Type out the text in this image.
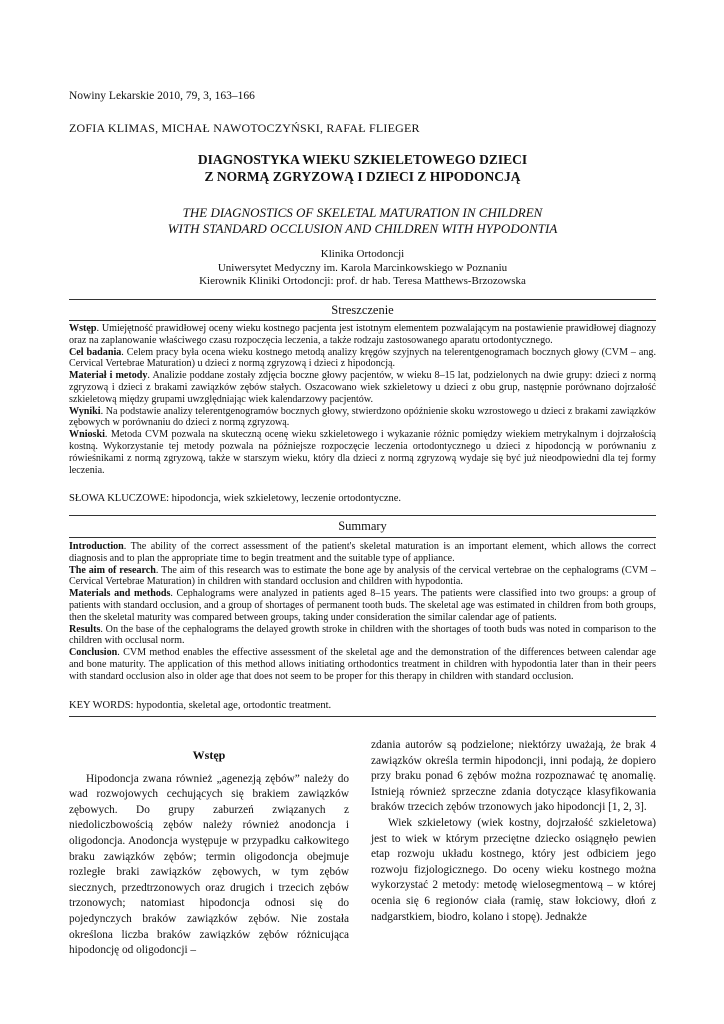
Nowiny Lekarskie 2010, 79, 3, 163–166
ZOFIA KLIMAS, MICHAŁ NAWOTOCZYŃSKI, RAFAŁ FLIEGER
DIAGNOSTYKA WIEKU SZKIELETOWEGO DZIECI
Z NORMĄ ZGRYZOWĄ I DZIECI Z HIPODONCJĄ
THE DIAGNOSTICS OF SKELETAL MATURATION IN CHILDREN
WITH STANDARD OCCLUSION AND CHILDREN WITH HYPODONTIA
Klinika Ortodoncji
Uniwersytet Medyczny im. Karola Marcinkowskiego w Poznaniu
Kierownik Kliniki Ortodoncji: prof. dr hab. Teresa Matthews-Brzozowska
Streszczenie

Wstęp. Umiejętność prawidłowej oceny wieku kostnego pacjenta jest istotnym elementem pozwalającym na postawienie prawidłowej diagnozy oraz na zaplanowanie właściwego czasu rozpoczęcia leczenia, a także rodzaju zastosowanego aparatu ortodontycznego.

Cel badania. Celem pracy była ocena wieku kostnego metodą analizy kręgów szyjnych na telerentgenogramach bocznych głowy (CVM – ang. Cervical Vertebrae Maturation) u dzieci z normą zgryzową i dzieci z hipodoncją.

Materiał i metody. Analizie poddane zostały zdjęcia boczne głowy pacjentów, w wieku 8–15 lat, podzielonych na dwie grupy: dzieci z normą zgryzową i dzieci z brakami zawiązków zębów stałych. Oszacowano wiek szkieletowy u dzieci z obu grup, następnie porównano dojrzałość szkieletową między grupami uwzględniając wiek kalendarzowy pacjentów.

Wyniki. Na podstawie analizy telerentgenogramów bocznych głowy, stwierdzono opóźnienie skoku wzrostowego u dzieci z brakami zawiązków zębowych w porównaniu do dzieci z normą zgryzową.

Wnioski. Metoda CVM pozwala na skuteczną ocenę wieku szkieletowego i wykazanie różnic pomiędzy wiekiem metrykalnym i dojrzałością kostną. Wykorzystanie tej metody pozwala na późniejsze rozpoczęcie leczenia ortodontycznego u dzieci z hipodoncją w porównaniu z rówieśnikami z normą zgryzową, także w starszym wieku, który dla dzieci z normą zgryzową wydaje się być już nieodpowiedni dla tej formy leczenia.

SŁOWA KLUCZOWE: hipodoncja, wiek szkieletowy, leczenie ortodontyczne.
Summary

Introduction. The ability of the correct assessment of the patient's skeletal maturation is an important element, which allows the correct diagnosis and to plan the appropriate time to begin treatment and the suitable type of appliance.

The aim of research. The aim of this research was to estimate the bone age by analysis of the cervical vertebrae on the cephalograms (CVM – Cervical Vertebrae Maturation) in children with standard occlusion and children with hypodontia.

Materials and methods. Cephalograms were analyzed in patients aged 8–15 years. The patients were classified into two groups: a group of patients with standard occlusion, and a group of shortages of permanent tooth buds. The skeletal age was estimated in children from both groups, then the skeletal maturity was compared between groups, taking under consideration the similar calendar age of patients.

Results. On the base of the cephalograms the delayed growth stroke in children with the shortages of tooth buds was noted in comparison to the children with occlusal norm.

Conclusion. CVM method enables the effective assessment of the skeletal age and the demonstration of the differences between calendar age and bone maturity. The application of this method allows initiating orthodontics treatment in children with hypodontia later than in their peers with standard occlusion also in older age that does not seem to be proper for this therapy in children with standard occlusion.

KEY WORDS: hypodontia, skeletal age, ortodontic treatment.
Wstęp

Hipodoncja zwana również „agenezją zębów” należy do wad rozwojowych cechujących się brakiem zawiązków zębowych. Do grupy zaburzeń związanych z niedoliczbowością zębów należy również anodoncja i oligodoncja. Anodoncja występuje w przypadku całkowitego braku zawiązków zębów; termin oligodoncja obejmuje rozległe braki zawiązków zębowych, w tym zębów siecznych, przedtrzonowych oraz drugich i trzecich zębów trzonowych; natomiast hipodoncja odnosi się do pojedynczych braków zawiązków zębów. Nie została określona liczba braków zawiązków zębów różnicująca hipodoncję od oligodoncji –

zdania autorów są podzielone; niektórzy uważają, że brak 4 zawiązków określa termin hipodoncji, inni podają, że dopiero przy braku ponad 6 zębów można rozpoznawać tę anomalię. Istnieją również sprzeczne zdania dotyczące klasyfikowania braków trzecich zębów trzonowych jako hipodoncji [1, 2, 3].

Wiek szkieletowy (wiek kostny, dojrzałość szkieletowa) jest to wiek w którym przeciętne dziecko osiągnęło pewien etap rozwoju układu kostnego, który jest odbiciem jego rozwoju fizjologicznego. Do oceny wieku kostnego można wykorzystać 2 metody: metodę wielosegmentową – w której ocenia się 6 regionów ciała (ramię, staw łokciowy, dłoń z nadgarstkiem, biodro, kolano i stopę). Jednakże
